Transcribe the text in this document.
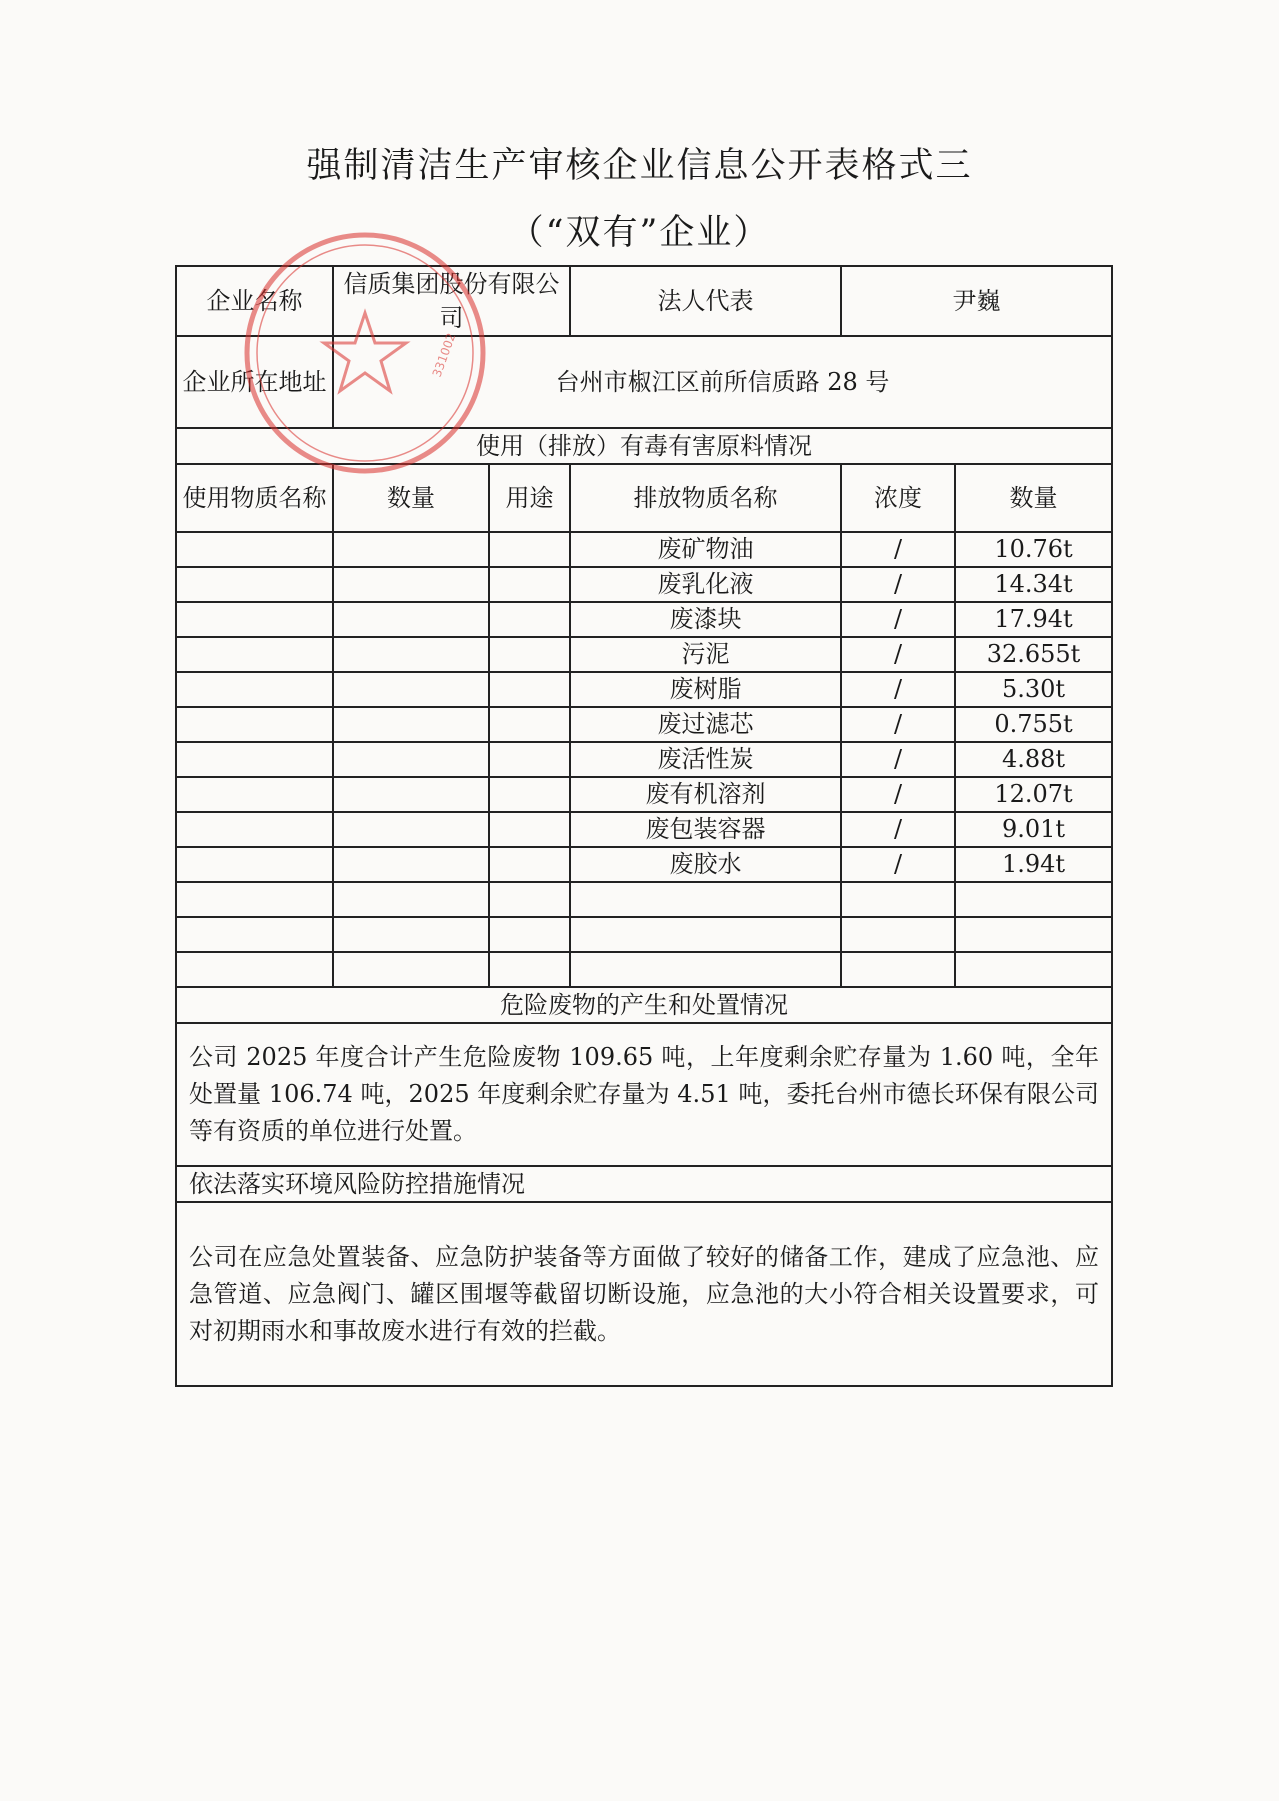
强制清洁生产审核企业信息公开表格式三
（“双有”企业）
企业名称	信质集团股份有限公司		法人代表	尹巍	
企业所在地址	台州市椒江区前所信质路 28 号				
使用（排放）有毒有害原料情况					
使用物质名称	数量	用途	排放物质名称	浓度	数量
			废矿物油	/	10.76t
			废乳化液	/	14.34t
			废漆块	/	17.94t
			污泥	/	32.655t
			废树脂	/	5.30t
			废过滤芯	/	0.755t
			废活性炭	/	4.88t
			废有机溶剂	/	12.07t
			废包装容器	/	9.01t
			废胶水	/	1.94t

危险废物的产生和处置情况					

公司 2025 年度合计产生危险废物 109.65 吨，上年度剩余贮存量为 1.60 吨，全年处置量 106.74 吨，2025 年度剩余贮存量为 4.51 吨，委托台州市德长环保有限公司等有资质的单位进行处置。					

依法落实环境风险防控措施情况					

公司在应急处置装备、应急防护装备等方面做了较好的储备工作，建成了应急池、应急管道、应急阀门、罐区围堰等截留切断设施，应急池的大小符合相关设置要求，可对初期雨水和事故废水进行有效的拦截。					
331002
